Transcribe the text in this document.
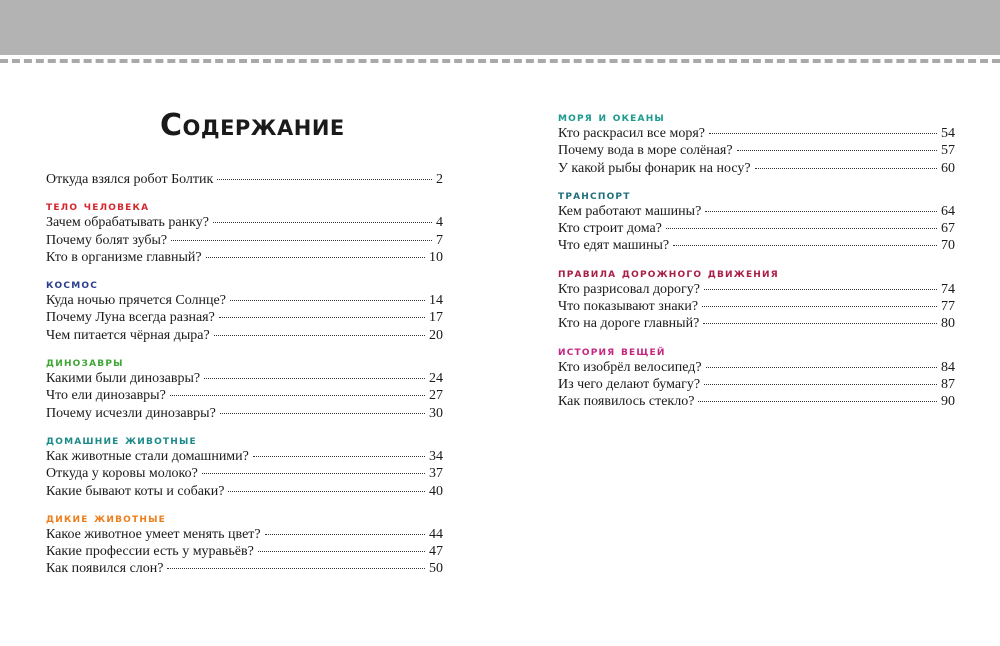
Содержание
Откуда взялся робот Болтик	2
тело человека
Зачем обрабатывать ранку?	4
Почему болят зубы?	7
Кто в организме главный?	10
космос
Куда ночью прячется Солнце?	14
Почему Луна всегда разная?	17
Чем питается чёрная дыра?	20
динозавры
Какими были динозавры?	24
Что ели динозавры?	27
Почему исчезли динозавры?	30
домашние животные
Как животные стали домашними?	34
Откуда у коровы молоко?	37
Какие бывают коты и собаки?	40
дикие животные
Какое животное умеет менять цвет?	44
Какие профессии есть у муравьёв?	47
Как появился слон?	50
моря и океаны
Кто раскрасил все моря?	54
Почему вода в море солёная?	57
У какой рыбы фонарик на носу?	60
транспорт
Кем работают машины?	64
Кто строит дома?	67
Что едят машины?	70
правила дорожного движения
Кто разрисовал дорогу?	74
Что показывают знаки?	77
Кто на дороге главный?	80
история вещей
Кто изобрёл велосипед?	84
Из чего делают бумагу?	87
Как появилось стекло?	90
